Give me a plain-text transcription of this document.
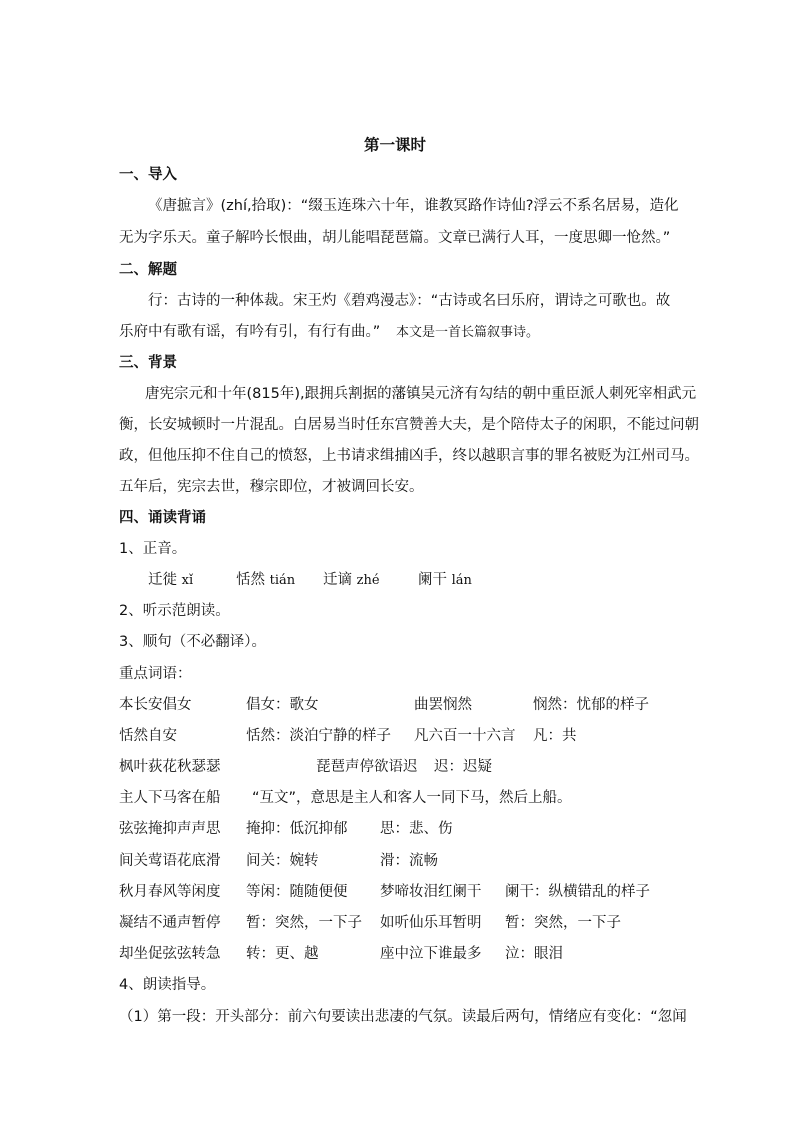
第一课时
一、导入
《唐摭言》(zhí,拾取)：“缀玉连珠六十年，谁教冥路作诗仙?浮云不系名居易，造化
无为字乐天。童子解吟长恨曲，胡儿能唱琵琶篇。文章已满行人耳，一度思卿一怆然。”
二、解题
行：古诗的一种体裁。宋王灼《碧鸡漫志》：“古诗或名曰乐府，谓诗之可歌也。故
乐府中有歌有谣，有吟有引，有行有曲。” 本文是一首长篇叙事诗。
三、背景
唐宪宗元和十年(815年),跟拥兵割据的藩镇吴元济有勾结的朝中重臣派人刺死宰相武元
衡，长安城顿时一片混乱。白居易当时任东宫赞善大夫，是个陪侍太子的闲职，不能过问朝
政，但他压抑不住自己的愤怒，上书请求缉捕凶手，终以越职言事的罪名被贬为江州司马。
五年后，宪宗去世，穆宗即位，才被调回长安。
四、诵读背诵
1、正音。
迁徙 xǐ	恬然 tián 迁谪 zhé	阑干 lán
2、听示范朗读。
3、顺句（不必翻译）。
重点词语：
本长安倡女	倡女：歌女	曲罢悯然	悯然：忧郁的样子
恬然自安	恬然：淡泊宁静的样子 凡六百一十六言 凡：共
枫叶荻花秋瑟瑟	琵琶声停欲语迟 迟：迟疑
主人下马客在船 “互文”，意思是主人和客人一同下马，然后上船。
弦弦掩抑声声思 掩抑：低沉抑郁 思：悲、伤
间关莺语花底滑 间关：婉转	滑：流畅
秋月春风等闲度 等闲：随随便便 梦啼妆泪红阑干 阑干：纵横错乱的样子
凝结不通声暂停 暂：突然，一下子 如听仙乐耳暂明 暂：突然，一下子
却坐促弦弦转急 转：更、越	座中泣下谁最多 泣：眼泪
4、朗读指导。
（1）第一段：开头部分：前六句要读出悲凄的气氛。读最后两句，情绪应有变化：“忽闻
